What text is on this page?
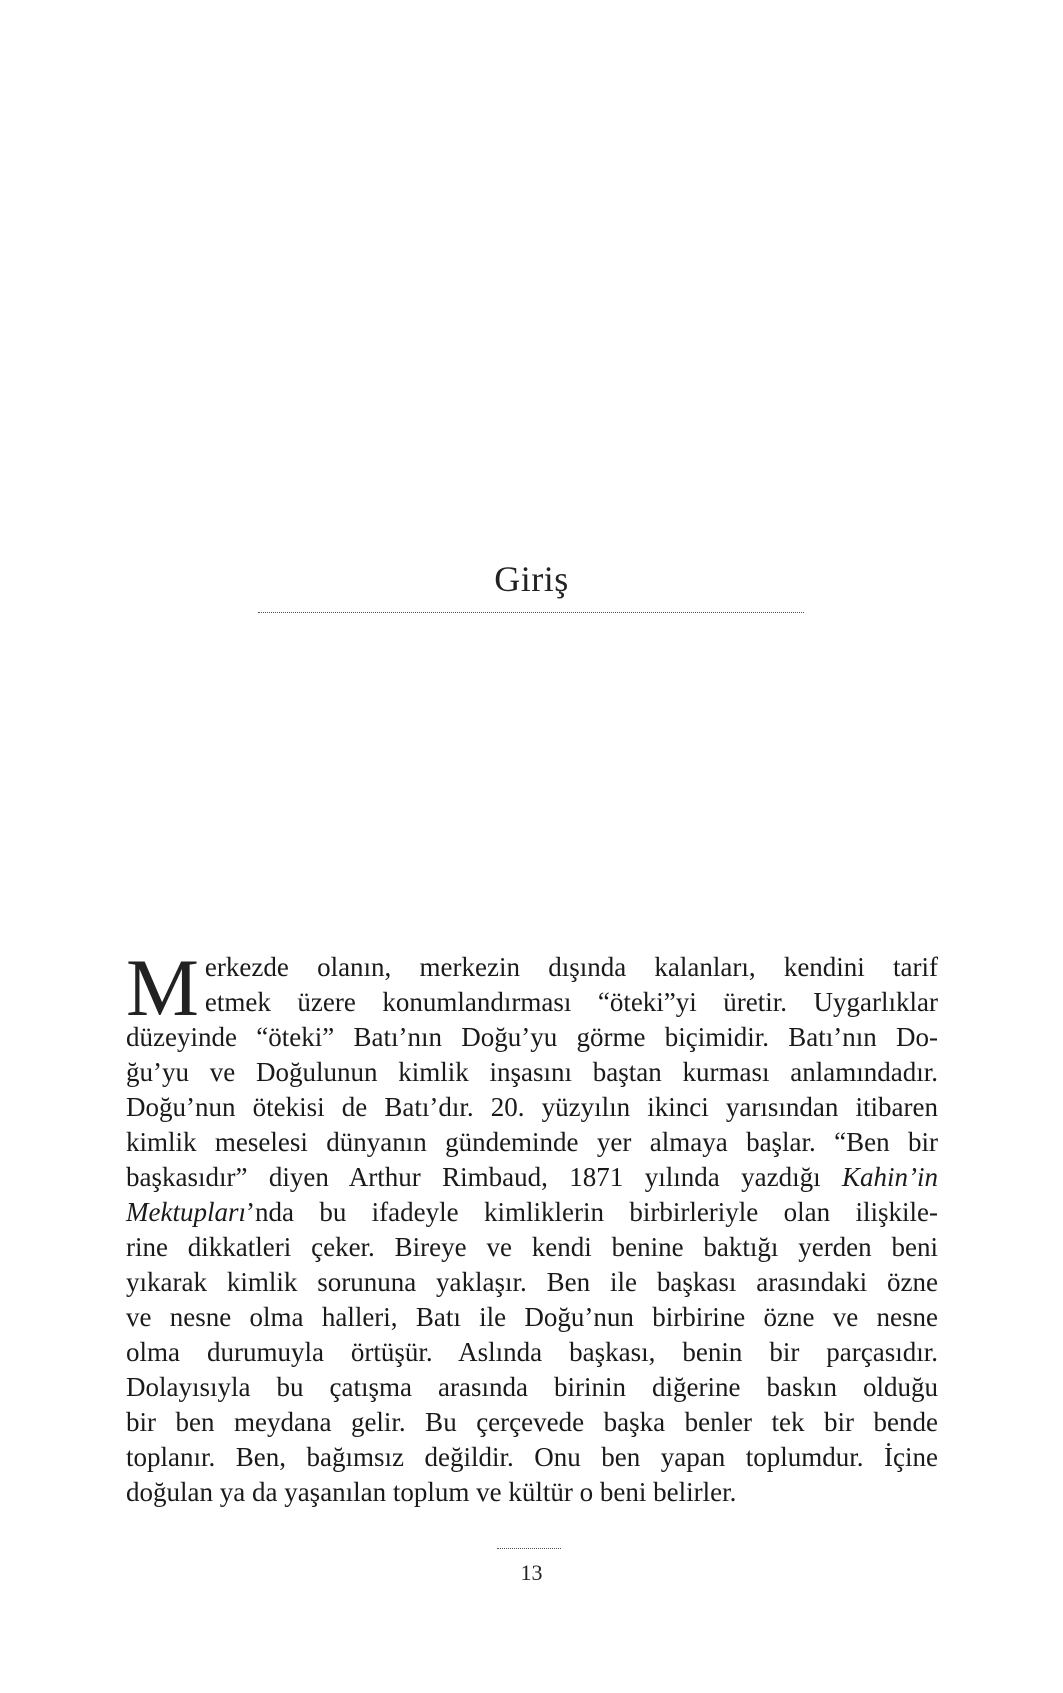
Giriş
M erkezde olanın, merkezin dışında kalanları, kendini tarif
etmek üzere konumlandırması “öteki”yi üretir. Uygarlıklar
düzeyinde “öteki” Batı’nın Doğu’yu görme biçimidir. Batı’nın Do-
ğu’yu ve Doğulunun kimlik inşasını baştan kurması anlamındadır.
Doğu’nun ötekisi de Batı’dır. 20. yüzyılın ikinci yarısından itibaren
kimlik meselesi dünyanın gündeminde yer almaya başlar. “Ben bir
başkasıdır” diyen Arthur Rimbaud, 1871 yılında yazdığı Kahin’in
Mektupları’nda bu ifadeyle kimliklerin birbirleriyle olan ilişkile-
rine dikkatleri çeker. Bireye ve kendi benine baktığı yerden beni
yıkarak kimlik sorununa yaklaşır. Ben ile başkası arasındaki özne
ve nesne olma halleri, Batı ile Doğu’nun birbirine özne ve nesne
olma durumuyla örtüşür. Aslında başkası, benin bir parçasıdır.
Dolayısıyla bu çatışma arasında birinin diğerine baskın olduğu
bir ben meydana gelir. Bu çerçevede başka benler tek bir bende
toplanır. Ben, bağımsız değildir. Onu ben yapan toplumdur. İçine
doğulan ya da yaşanılan toplum ve kültür o beni belirler.
13
